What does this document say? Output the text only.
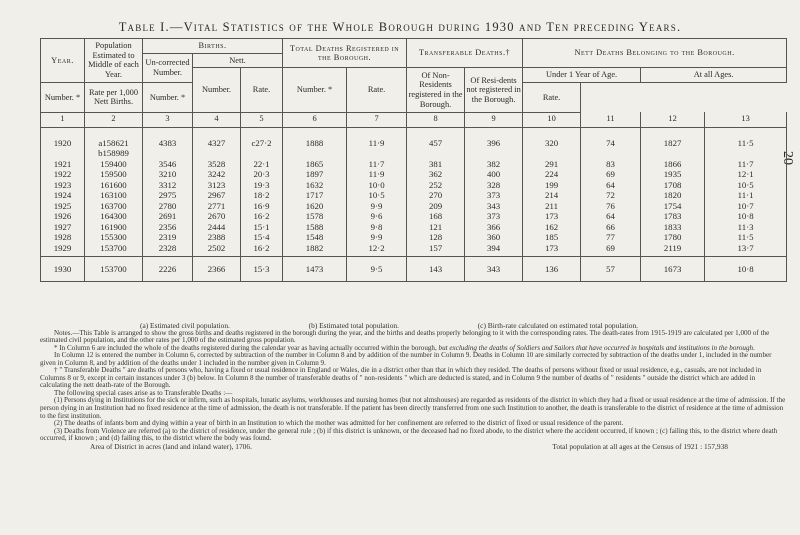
Table I.—Vital Statistics of the Whole Borough during 1930 and Ten preceding Years.
20
Year.	Population Estimated to Middle of each Year.	Births.			Total Deaths Registered in the Borough.		Transferable Deaths.†		Nett Deaths Belonging to the Borough.			
		Un-corrected Number.	Nett.									
			Number.	Rate.	Number. *	Rate.	Of Non-Residents registered in the Borough.	Of Resi-dents not registered in the Borough.	Under 1 Year of Age.		At all Ages.	
Number. *	Rate per 1,000 Nett Births.	Number. *							Rate.			
1	2	3	4	5	6	7	8	9	10	11	12	13

1920	a158621	4383	4327	c27·2	1888	11·9	457	396	320	74	1827	11·5
	b158989											
1921	159400	3546	3528	22·1	1865	11·7	381	382	291	83	1866	11·7
1922	159500	3210	3242	20·3	1897	11·9	362	400	224	69	1935	12·1
1923	161600	3312	3123	19·3	1632	10·0	252	328	199	64	1708	10·5
1924	163100	2975	2967	18·2	1717	10·5	270	373	214	72	1820	11·1
1925	163700	2780	2771	16·9	1620	9·9	209	343	211	76	1754	10·7
1926	164300	2691	2670	16·2	1578	9·6	168	373	173	64	1783	10·8
1927	161900	2356	2444	15·1	1588	9·8	121	366	162	66	1833	11·3
1928	155300	2319	2388	15·4	1548	9·9	128	360	185	77	1780	11·5
1929	153700	2328	2502	16·2	1882	12·2	157	394	173	69	2119	13·7
1930	153700	2226	2366	15·3	1473	9·5	143	343	136	57	1673	10·8

(a) Estimated civil population.	(b) Estimated total population.	(c) Birth-rate calculated on estimated total population.

Notes.—This Table is arranged to show the gross births and deaths registered in the borough during the year, and the births and deaths properly belonging to it with the corresponding rates. The death-rates from 1915-1919 are calculated per 1,000 of the estimated civil population, and the other rates per 1,000 of the estimated gross population.

* In Column 6 are included the whole of the deaths registered during the calendar year as having actually occurred within the borough, but excluding the deaths of Soldiers and Sailors that have occurred in hospitals and institutions in the borough.

In Column 12 is entered the number in Column 6, corrected by subtraction of the number in Column 8 and by addition of the number in Column 9. Deaths in Column 10 are similarly corrected by subtraction of the deaths under 1, included in the number given in Column 8, and by addition of the deaths under 1 included in the number given in Column 9.

† " Transferable Deaths " are deaths of persons who, having a fixed or usual residence in England or Wales, die in a district other than that in which they resided. The deaths of persons without fixed or usual residence, e.g., casuals, are not included in Columns 8 or 9, except in certain instances under 3 (b) below. In Column 8 the number of transferable deaths of " non-residents " which are deducted is stated, and in Column 9 the number of deaths of " residents " outside the district which are added in calculating the nett death-rate of the Borough.

The following special cases arise as to Transferable Deaths :—

(1) Persons dying in Institutions for the sick or infirm, such as hospitals, lunatic asylums, workhouses and nursing homes (but not almshouses) are regarded as residents of the district in which they had a fixed or usual residence at the time of admission. If the person dying in an Institution had no fixed residence at the time of admission, the death is not transferable. If the patient has been directly transferred from one such Institution to another, the death is transferable to the district of residence at the time of admission to the first institution.

(2) The deaths of infants born and dying within a year of birth in an Institution to which the mother was admitted for her confinement are referred to the district of fixed or usual residence of the parent.

(3) Deaths from Violence are referred (a) to the district of residence, under the general rule ; (b) if this district is unknown, or the deceased had no fixed abode, to the district where the accident occurred, if known ; (c) failing this, to the district where death occurred, if known ; and (d) failing this, to the district where the body was found.

Area of District in acres (land and inland water), 1706.	Total population at all ages at the Census of 1921 : 157,938
